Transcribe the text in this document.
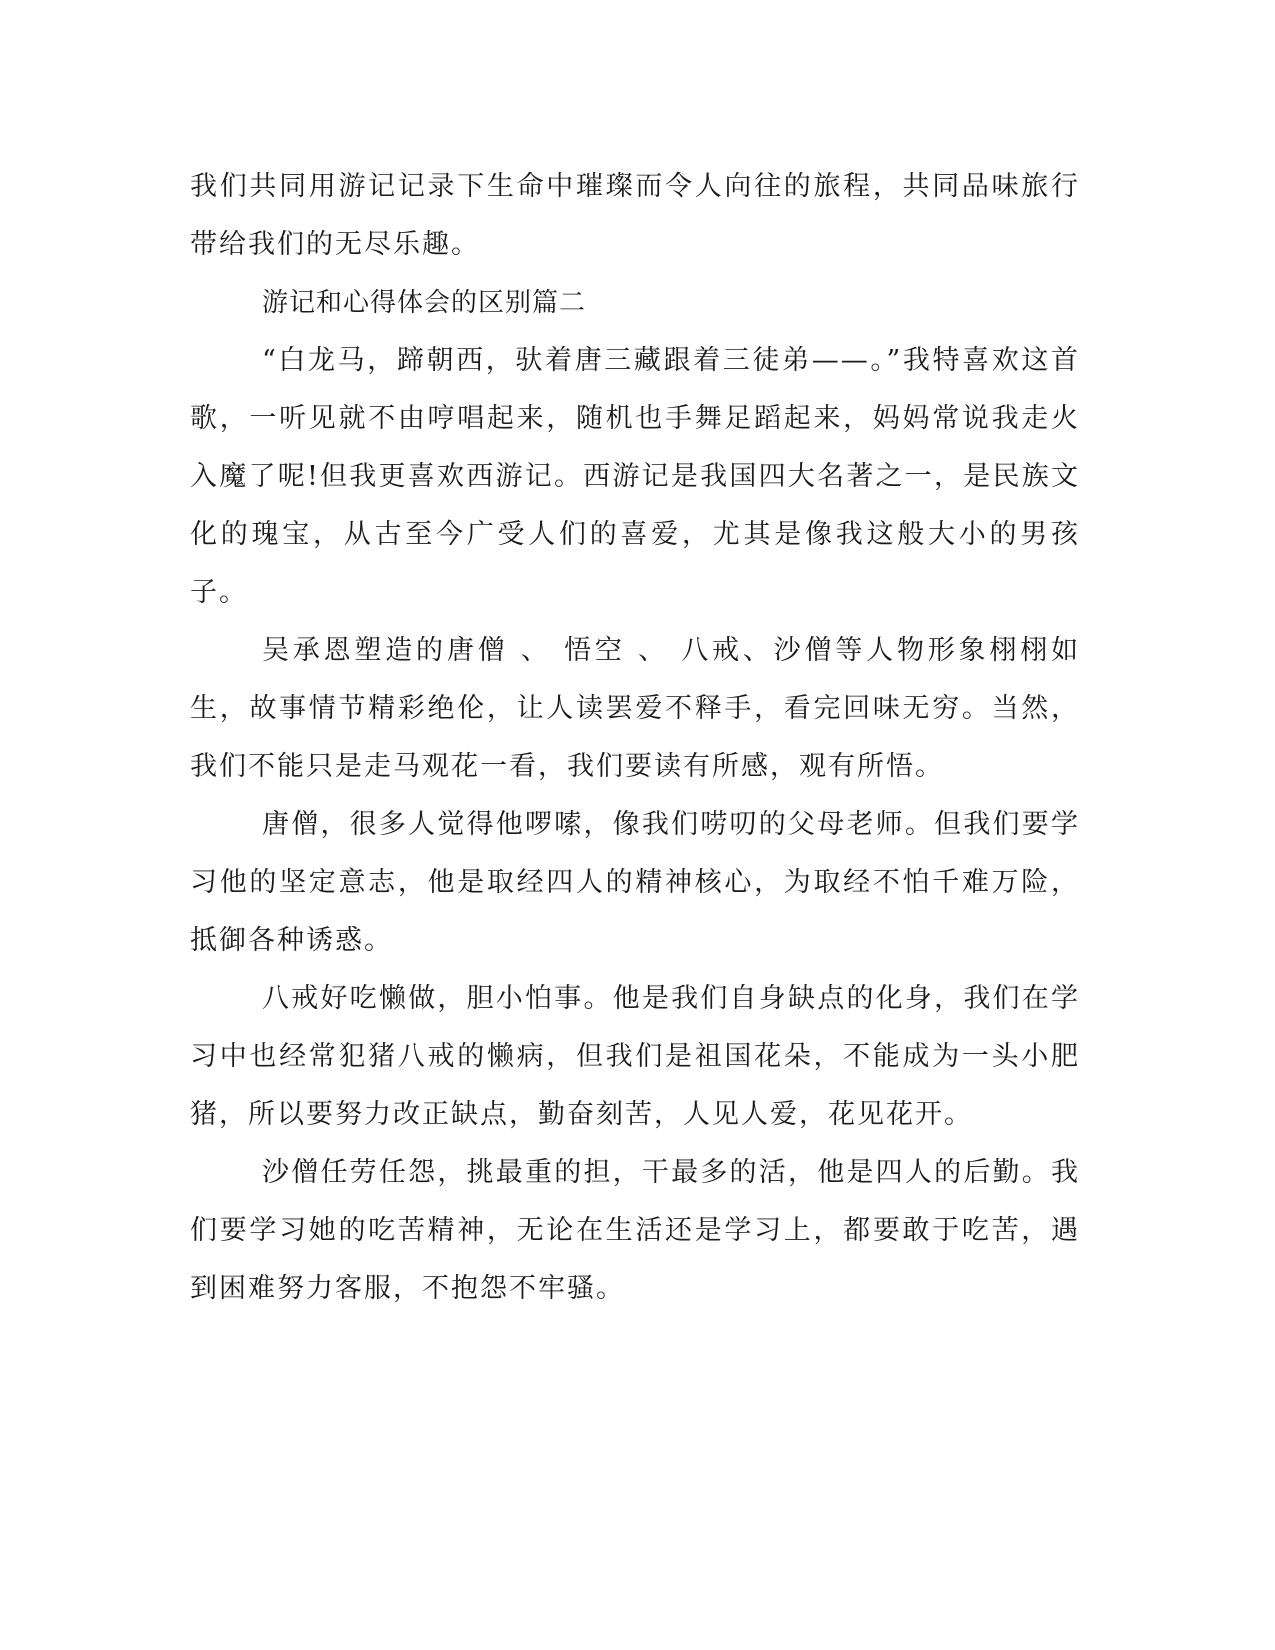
我们共同用游记记录下生命中璀璨而令人向往的旅程，共同品味旅行带给我们的无尽乐趣。

游记和心得体会的区别篇二

“白龙马，蹄朝西，驮着唐三藏跟着三徒弟——。”我特喜欢这首歌，一听见就不由哼唱起来，随机也手舞足蹈起来，妈妈常说我走火入魔了呢!但我更喜欢西游记。西游记是我国四大名著之一，是民族文化的瑰宝，从古至今广受人们的喜爱，尤其是像我这般大小的男孩子。

吴承恩塑造的唐僧 、 悟空 、 八戒、沙僧等人物形象栩栩如生，故事情节精彩绝伦，让人读罢爱不释手，看完回味无穷。当然，我们不能只是走马观花一看，我们要读有所感，观有所悟。

唐僧，很多人觉得他啰嗦，像我们唠叨的父母老师。但我们要学习他的坚定意志，他是取经四人的精神核心，为取经不怕千难万险，抵御各种诱惑。

八戒好吃懒做，胆小怕事。他是我们自身缺点的化身，我们在学习中也经常犯猪八戒的懒病，但我们是祖国花朵，不能成为一头小肥猪，所以要努力改正缺点，勤奋刻苦，人见人爱，花见花开。

沙僧任劳任怨，挑最重的担，干最多的活，他是四人的后勤。我们要学习她的吃苦精神，无论在生活还是学习上，都要敢于吃苦，遇到困难努力客服，不抱怨不牢骚。
